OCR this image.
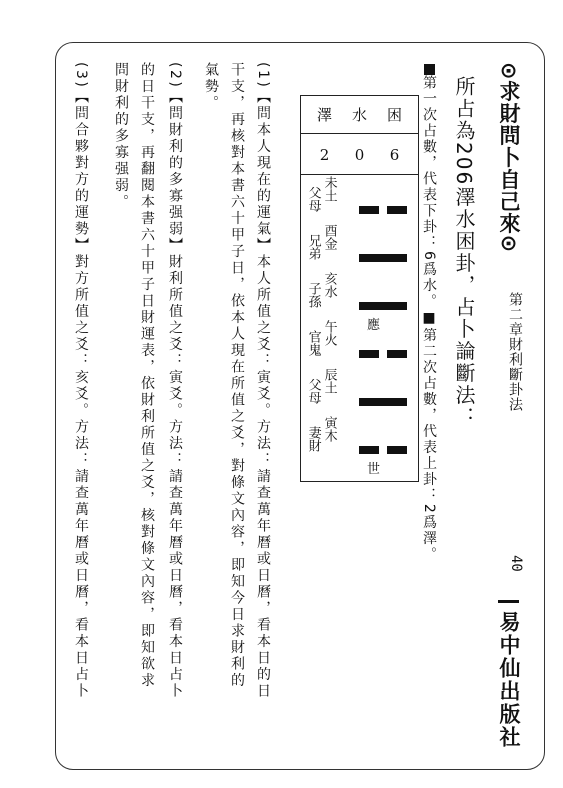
⊙求財問卜自己來⊙
第二章財利斷卦法
40
易中仙出版社
所占為206澤水困卦，占卜論斷法：
第一次占數，代表下卦：6爲水。■第二次占數，代表上卦：2爲澤。
澤 水 困
2 0 6
父母 未土
兄弟 酉金
子孫 亥水
應
官鬼 午火
父母 辰土
妻財 寅木
世
(1)【問本人現在的運氣】本人所值之爻：寅爻。方法：請查萬年曆或日曆，看本日的日
干支，再核對本書六十甲子日，依本人現在所值之爻，對條文內容，即知今日求財利的
氣勢。
(2)【問財利的多寡强弱】財利所值之爻：寅爻。方法：請查萬年曆或日曆，看本日占卜
的日干支，再翻閱本書六十甲子日財運表，依財利所值之爻，核對條文內容，即知欲求
問財利的多寡强弱。
(3)【問合夥對方的運勢】對方所值之爻：亥爻。方法：請查萬年曆或日曆，看本日占卜
